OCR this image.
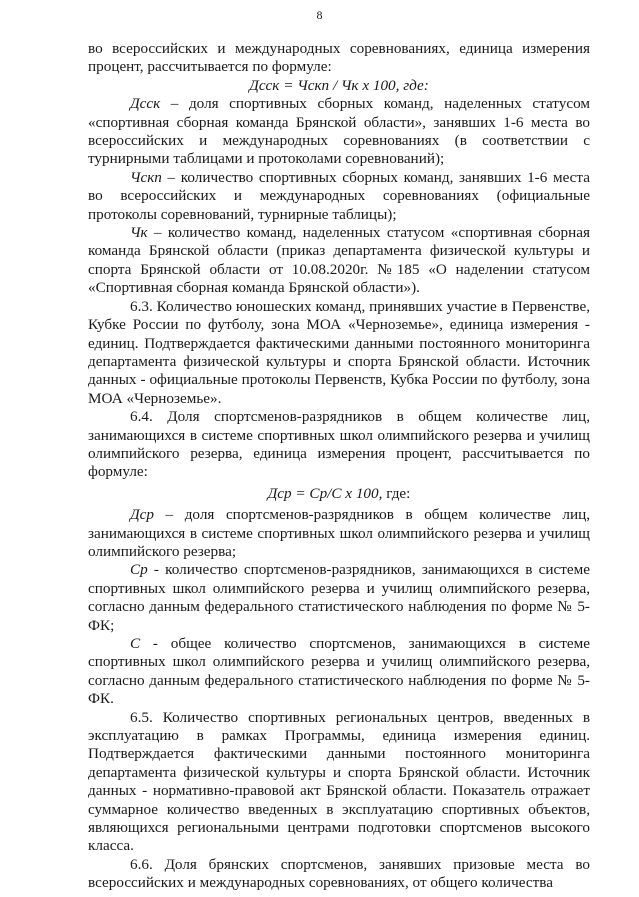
8

во всероссийских и международных соревнованиях, единица измерения процент, рассчитывается по формуле:

Дсск = Чскп / Чк х 100, где:

Дсск – доля спортивных сборных команд, наделенных статусом «спортивная сборная команда Брянской области», занявших 1-6 места во всероссийских и международных соревнованиях (в соответствии с турнирными таблицами и протоколами соревнований);

Чскп – количество спортивных сборных команд, занявших 1-6 места во всероссийских и международных соревнованиях (официальные протоколы соревнований, турнирные таблицы);

Чк – количество команд, наделенных статусом «спортивная сборная команда Брянской области (приказ департамента физической культуры и спорта Брянской области от 10.08.2020г. №185 «О наделении статусом «Спортивная сборная команда Брянской области»).

6.3. Количество юношеских команд, принявших участие в Первенстве, Кубке России по футболу, зона МОА «Черноземье», единица измерения - единиц. Подтверждается фактическими данными постоянного мониторинга департамента физической культуры и спорта Брянской области. Источник данных - официальные протоколы Первенств, Кубка России по футболу, зона МОА «Черноземье».

6.4. Доля спортсменов-разрядников в общем количестве лиц, занимающихся в системе спортивных школ олимпийского резерва и училищ олимпийского резерва, единица измерения процент, рассчитывается по формуле:

Дср = Ср/С х 100, где:

Дср – доля спортсменов-разрядников в общем количестве лиц, занимающихся в системе спортивных школ олимпийского резерва и училищ олимпийского резерва;

Ср - количество спортсменов-разрядников, занимающихся в системе спортивных школ олимпийского резерва и училищ олимпийского резерва, согласно данным федерального статистического наблюдения по форме № 5-ФК;

С - общее количество спортсменов, занимающихся в системе спортивных школ олимпийского резерва и училищ олимпийского резерва, согласно данным федерального статистического наблюдения по форме № 5-ФК.

6.5. Количество спортивных региональных центров, введенных в эксплуатацию в рамках Программы, единица измерения единиц. Подтверждается фактическими данными постоянного мониторинга департамента физической культуры и спорта Брянской области. Источник данных - нормативно-правовой акт Брянской области. Показатель отражает суммарное количество введенных в эксплуатацию спортивных объектов, являющихся региональными центрами подготовки спортсменов высокого класса.

6.6. Доля брянских спортсменов, занявших призовые места во всероссийских и международных соревнованиях, от общего количества
